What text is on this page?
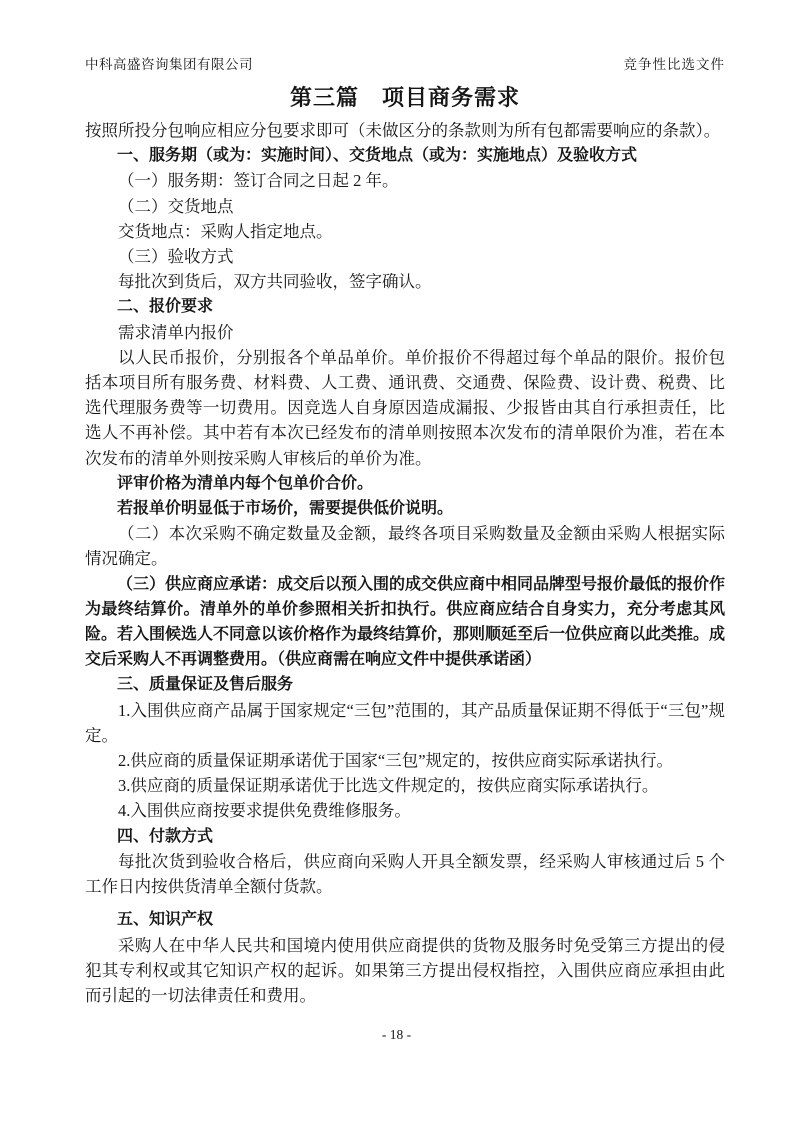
中科高盛咨询集团有限公司	竞争性比选文件
第三篇　项目商务需求

按照所投分包响应相应分包要求即可（未做区分的条款则为所有包都需要响应的条款）。

一、服务期（或为：实施时间）、交货地点（或为：实施地点）及验收方式

（一）服务期：签订合同之日起 2 年。

（二）交货地点

交货地点：采购人指定地点。

（三）验收方式

每批次到货后，双方共同验收，签字确认。

二、报价要求

需求清单内报价

以人民币报价，分别报各个单品单价。单价报价不得超过每个单品的限价。报价包括本项目所有服务费、材料费、人工费、通讯费、交通费、保险费、设计费、税费、比选代理服务费等一切费用。因竞选人自身原因造成漏报、少报皆由其自行承担责任，比选人不再补偿。其中若有本次已经发布的清单则按照本次发布的清单限价为准，若在本次发布的清单外则按采购人审核后的单价为准。

评审价格为清单内每个包单价合价。

若报单价明显低于市场价，需要提供低价说明。

（二）本次采购不确定数量及金额，最终各项目采购数量及金额由采购人根据实际情况确定。

（三）供应商应承诺：成交后以预入围的成交供应商中相同品牌型号报价最低的报价作为最终结算价。清单外的单价参照相关折扣执行。供应商应结合自身实力，充分考虑其风险。若入围候选人不同意以该价格作为最终结算价，那则顺延至后一位供应商以此类推。成交后采购人不再调整费用。（供应商需在响应文件中提供承诺函）

三、质量保证及售后服务

1.入围供应商产品属于国家规定“三包”范围的，其产品质量保证期不得低于“三包”规定。

2.供应商的质量保证期承诺优于国家“三包”规定的，按供应商实际承诺执行。

3.供应商的质量保证期承诺优于比选文件规定的，按供应商实际承诺执行。

4.入围供应商按要求提供免费维修服务。

四、付款方式

每批次货到验收合格后，供应商向采购人开具全额发票，经采购人审核通过后 5 个工作日内按供货清单全额付货款。

五、知识产权

采购人在中华人民共和国境内使用供应商提供的货物及服务时免受第三方提出的侵犯其专利权或其它知识产权的起诉。如果第三方提出侵权指控，入围供应商应承担由此而引起的一切法律责任和费用。

- 18 -
